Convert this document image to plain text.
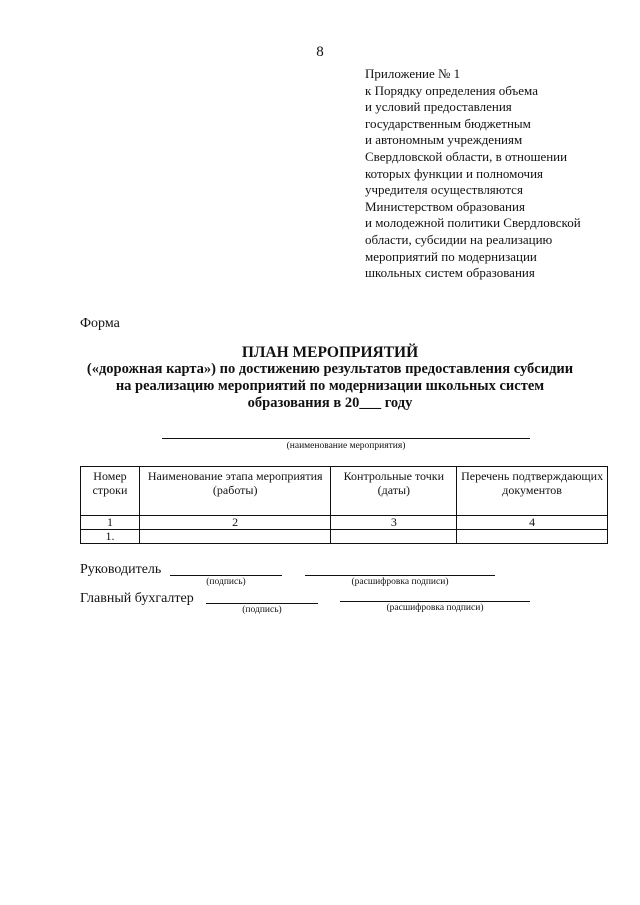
8
Приложение № 1
к Порядку определения объема
и условий предоставления
государственным бюджетным
и автономным учреждениям
Свердловской области, в отношении
которых функции и полномочия
учредителя осуществляются
Министерством образования
и молодежной политики Свердловской
области, субсидии на реализацию
мероприятий по модернизации
школьных систем образования
Форма
ПЛАН МЕРОПРИЯТИЙ
(«дорожная карта») по достижению результатов предоставления субсидии
на реализацию мероприятий по модернизации школьных систем
образования в 20___ году
(наименование мероприятия)
Номер строки	Наименование этапа мероприятия (работы)	Контрольные точки (даты)	Перечень подтверждающих документов
1	2	3	4
1.			
Руководитель
(подпись)	(расшифровка подписи)
Главный бухгалтер
(подпись)	(расшифровка подписи)
